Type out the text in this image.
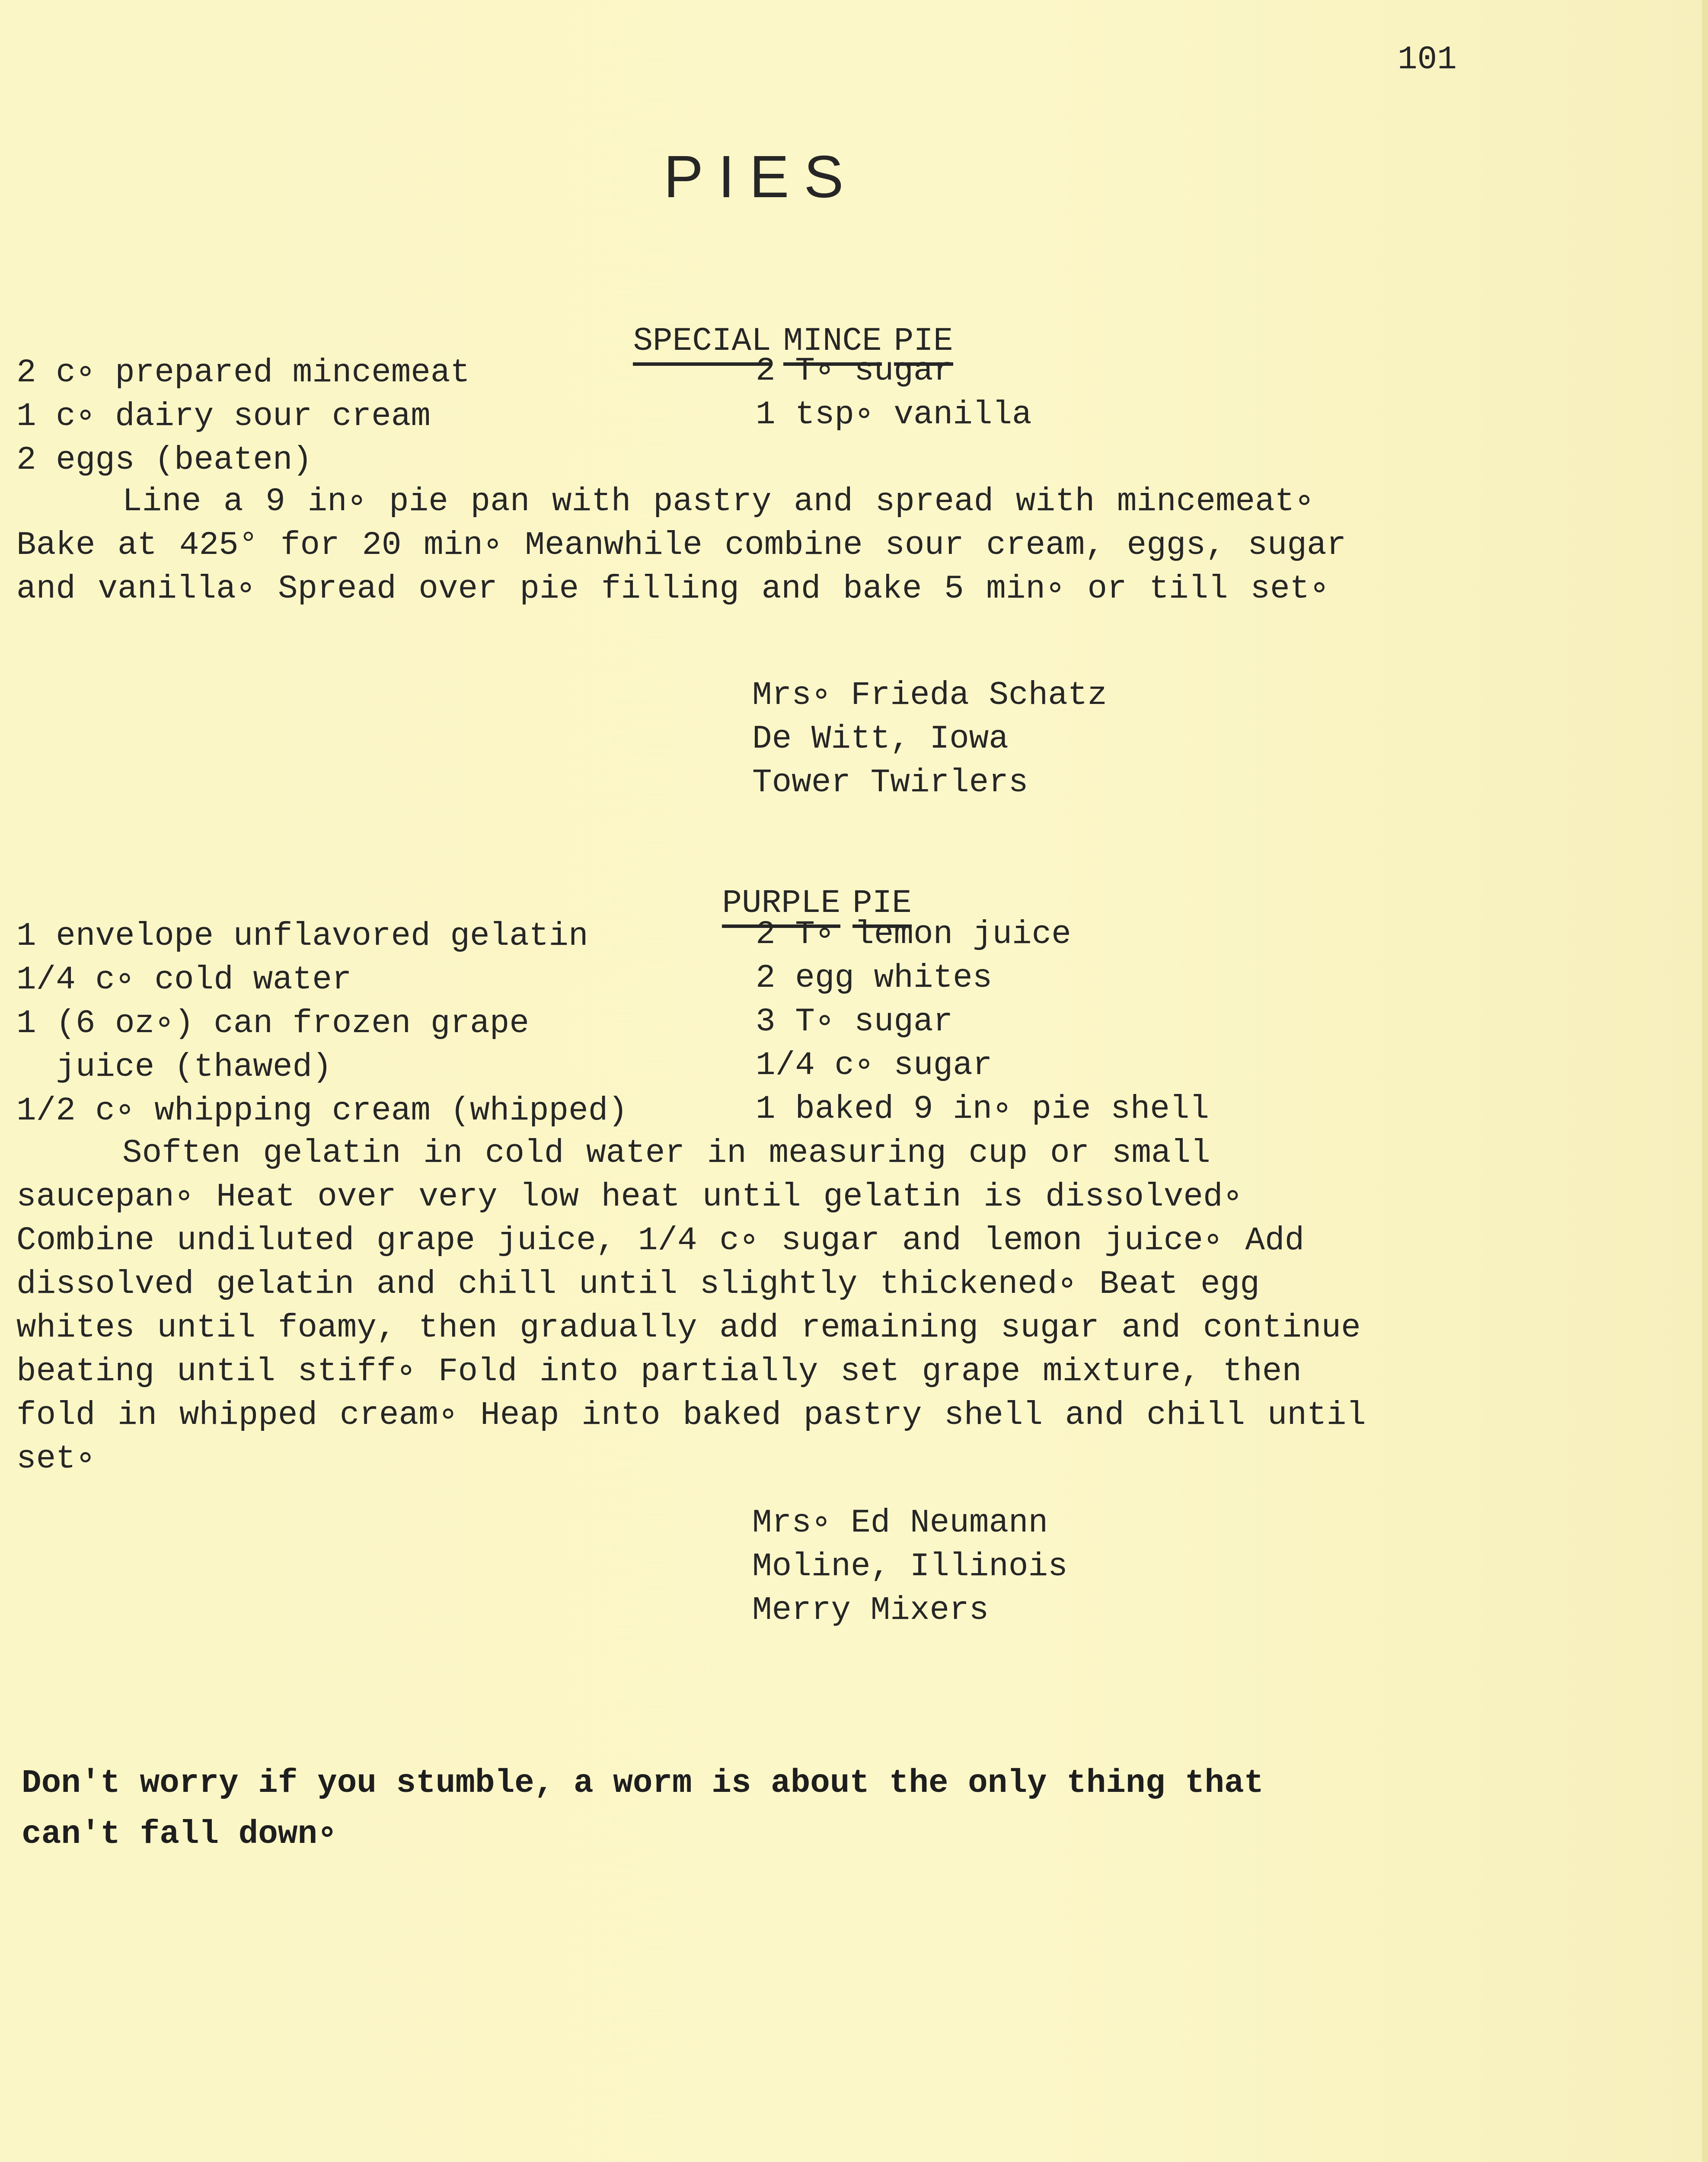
101
PIES

SPECIAL MINCE PIE

2 c∘ prepared mincemeat
1 c∘ dairy sour cream
2 eggs (beaten)
2 T∘ sugar
1 tsp∘ vanilla
Line a 9 in∘ pie pan with pastry and spread with mincemeat∘ Bake at 425° for 20 min∘ Meanwhile combine sour cream, eggs, sugar and vanilla∘ Spread over pie filling and bake 5 min∘ or till set∘
Mrs∘ Frieda Schatz
De Witt, Iowa
Tower Twirlers

PURPLE PIE

1 envelope unflavored gelatin
1/4 c∘ cold water
1 (6 oz∘) can frozen grape
juice (thawed)
1/2 c∘ whipping cream (whipped)
2 T∘ lemon juice
2 egg whites
3 T∘ sugar
1/4 c∘ sugar
1 baked 9 in∘ pie shell
Soften gelatin in cold water in measuring cup or small saucepan∘ Heat over very low heat until gelatin is dissolved∘ Combine undiluted grape juice, 1/4 c∘ sugar and lemon juice∘ Add dissolved gelatin and chill until slightly thickened∘ Beat egg whites until foamy, then gradually add remaining sugar and continue beating until stiff∘ Fold into partially set grape mixture, then fold in whipped cream∘ Heap into baked pastry shell and chill until set∘
Mrs∘ Ed Neumann
Moline, Illinois
Merry Mixers
Don't worry if you stumble, a worm is about the only thing that can't fall down∘
